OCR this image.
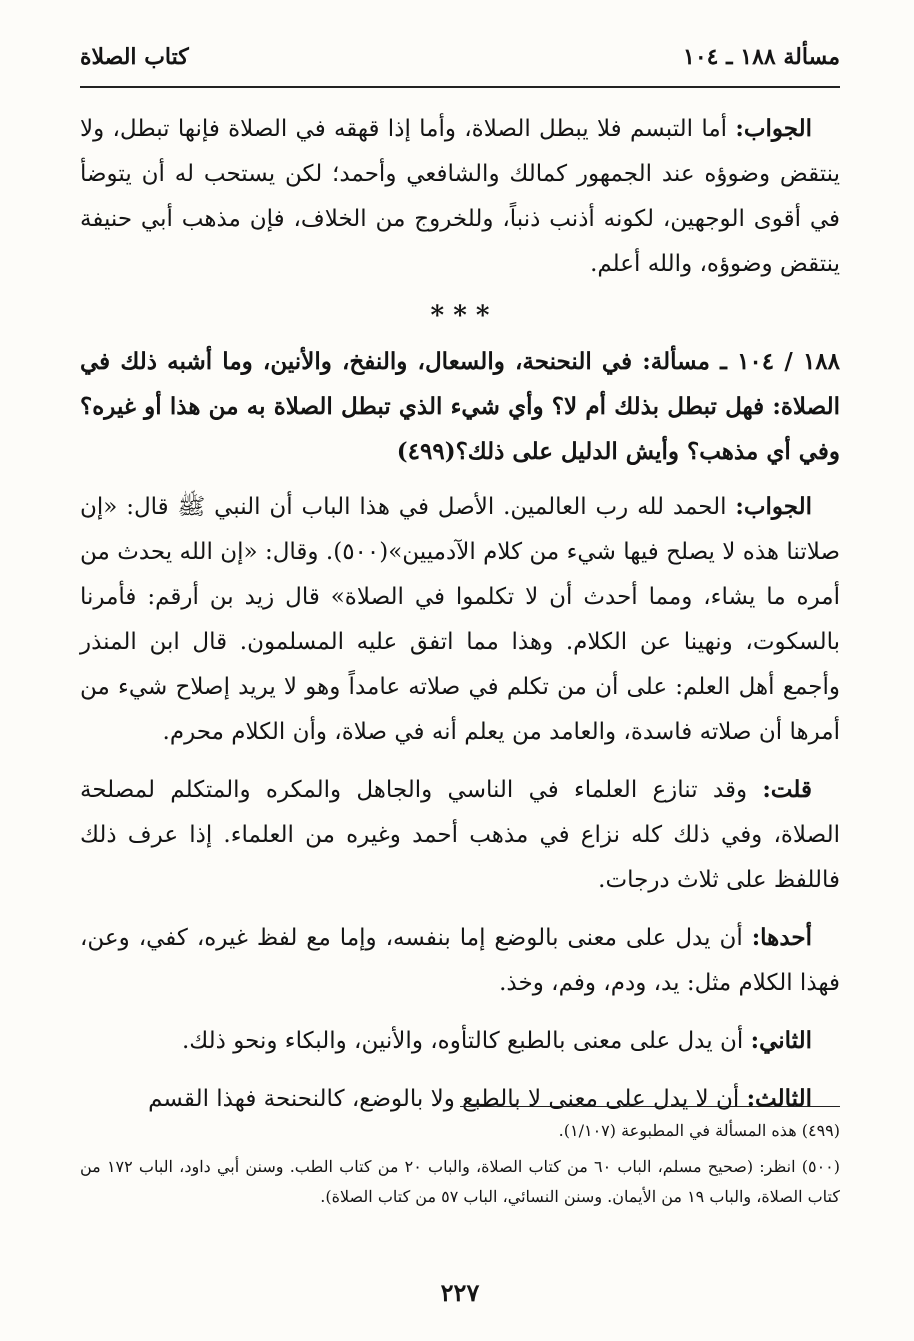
مسألة ١٨٨ ـ ١٠٤
كتاب الصلاة

الجواب: أما التبسم فلا يبطل الصلاة، وأما إذا قهقه في الصلاة فإنها تبطل، ولا ينتقض وضوؤه عند الجمهور كمالك والشافعي وأحمد؛ لكن يستحب له أن يتوضأ في أقوى الوجهين، لكونه أذنب ذنباً، وللخروج من الخلاف، فإن مذهب أبي حنيفة ينتقض وضوؤه، والله أعلم.

* * *

١٨٨ / ١٠٤ ـ مسألة: في النحنحة، والسعال، والنفخ، والأنين، وما أشبه ذلك في الصلاة: فهل تبطل بذلك أم لا؟ وأي شيء الذي تبطل الصلاة به من هذا أو غيره؟ وفي أي مذهب؟ وأيش الدليل على ذلك؟(٤٩٩)

الجواب: الحمد لله رب العالمين. الأصل في هذا الباب أن النبي ﷺ قال: «إن صلاتنا هذه لا يصلح فيها شيء من كلام الآدميين»(٥٠٠). وقال: «إن الله يحدث من أمره ما يشاء، ومما أحدث أن لا تكلموا في الصلاة» قال زيد بن أرقم: فأمرنا بالسكوت، ونهينا عن الكلام. وهذا مما اتفق عليه المسلمون. قال ابن المنذر وأجمع أهل العلم: على أن من تكلم في صلاته عامداً وهو لا يريد إصلاح شيء من أمرها أن صلاته فاسدة، والعامد من يعلم أنه في صلاة، وأن الكلام محرم.

قلت: وقد تنازع العلماء في الناسي والجاهل والمكره والمتكلم لمصلحة الصلاة، وفي ذلك كله نزاع في مذهب أحمد وغيره من العلماء. إذا عرف ذلك فاللفظ على ثلاث درجات.

أحدها: أن يدل على معنى بالوضع إما بنفسه، وإما مع لفظ غيره، كفي، وعن، فهذا الكلام مثل: يد، ودم، وفم، وخذ.

الثاني: أن يدل على معنى بالطبع كالتأوه، والأنين، والبكاء ونحو ذلك.

الثالث: أن لا يدل على معنى لا بالطبع ولا بالوضع، كالنحنحة فهذا القسم

(٤٩٩) هذه المسألة في المطبوعة (١/١٠٧).

(٥٠٠) انظر: (صحيح مسلم، الباب ٦٠ من كتاب الصلاة، والباب ٢٠ من كتاب الطب. وسنن أبي داود، الباب ١٧٢ من كتاب الصلاة، والباب ١٩ من الأيمان. وسنن النسائي، الباب ٥٧ من كتاب الصلاة).

٢٢٧
